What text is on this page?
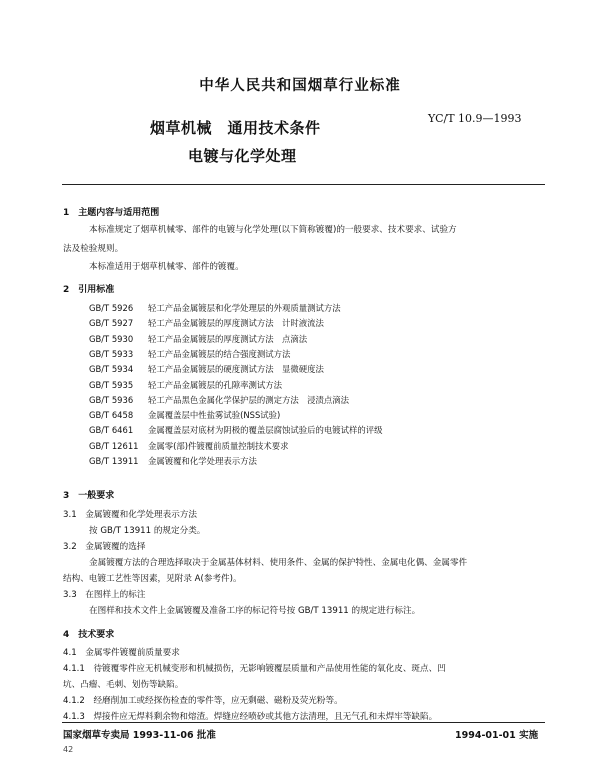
中华人民共和国烟草行业标准
烟草机械　通用技术条件
电镀与化学处理
YC/T 10.9—1993
1　主题内容与适用范围
本标准规定了烟草机械零、部件的电镀与化学处理(以下简称镀覆)的一般要求、技术要求、试验方
法及检验规则。
本标准适用于烟草机械零、部件的镀覆。
2　引用标准
GB/T 5926 轻工产品金属镀层和化学处理层的外观质量测试方法
GB/T 5927 轻工产品金属镀层的厚度测试方法　计时液流法
GB/T 5930 轻工产品金属镀层的厚度测试方法　点滴法
GB/T 5933 轻工产品金属镀层的结合强度测试方法
GB/T 5934 轻工产品金属镀层的硬度测试方法　显微硬度法
GB/T 5935 轻工产品金属镀层的孔隙率测试方法
GB/T 5936 轻工产品黑色金属化学保护层的测定方法　浸渍点滴法
GB/T 6458 金属覆盖层中性盐雾试验(NSS试验)
GB/T 6461 金属覆盖层对底材为阴极的覆盖层腐蚀试验后的电镀试样的评级
GB/T 12611 金属零(部)件镀覆前质量控制技术要求
GB/T 13911 金属镀覆和化学处理表示方法
3　一般要求
3.1　金属镀覆和化学处理表示方法
按 GB/T 13911 的规定分类。
3.2　金属镀覆的选择
金属镀覆方法的合理选择取决于金属基体材料、使用条件、金属的保护特性、金属电化偶、金属零件
结构、电镀工艺性等因素，见附录 A(参考件)。
3.3　在图样上的标注
在图样和技术文件上金属镀覆及准备工序的标记符号按 GB/T 13911 的规定进行标注。
4　技术要求
4.1　金属零件镀覆前质量要求
4.1.1　待镀覆零件应无机械变形和机械损伤，无影响镀覆层质量和产品使用性能的氧化皮、斑点、凹
坑、凸瘤、毛刺、划伤等缺陷。
4.1.2　经磨削加工或经探伤检查的零件等，应无剩磁、磁粉及荧光粉等。
4.1.3　焊接件应无焊料剩余物和熔渣。焊缝应经喷砂或其他方法清理，且无气孔和未焊牢等缺陷。
国家烟草专卖局 1993-11-06 批准	1994-01-01 实施
42
